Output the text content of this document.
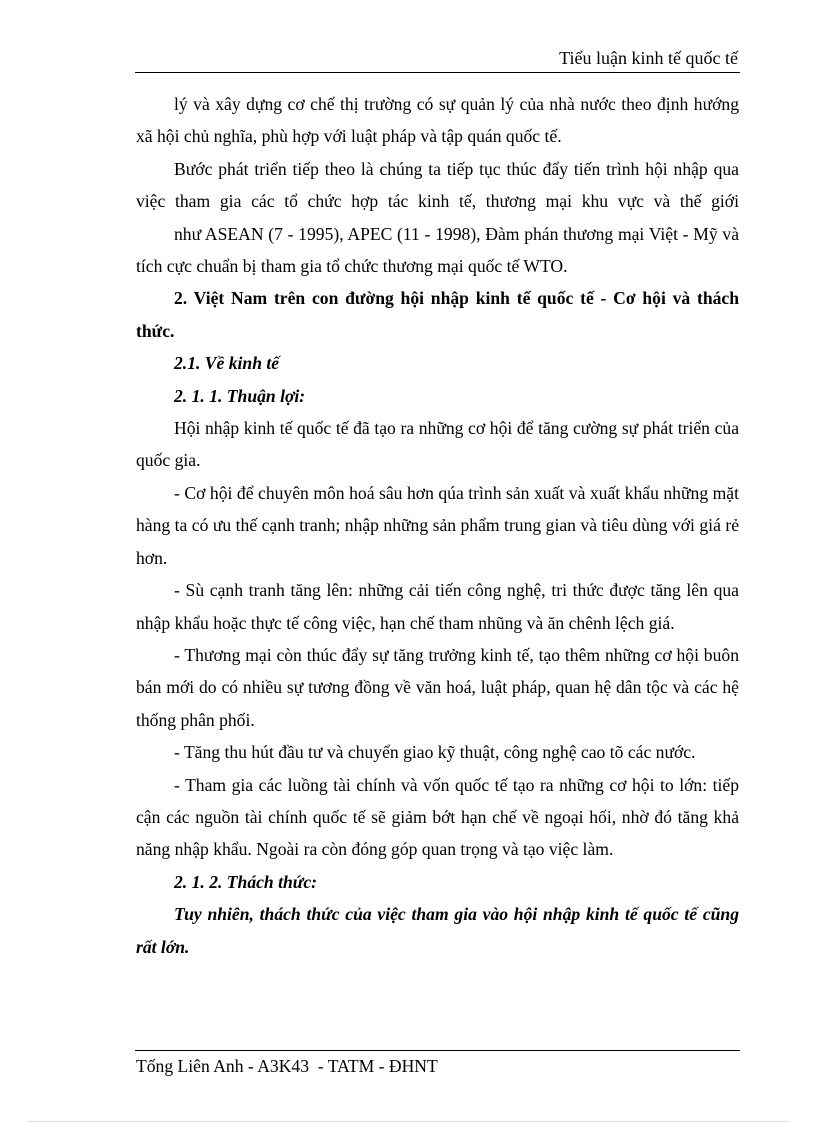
Tiểu luận kinh tế quốc tế

lý và xây dựng cơ chế thị trường có sự quản lý của nhà nước theo định hướng xã hội chủ nghĩa, phù hợp với luật pháp và tập quán quốc tế.

Bước phát triển tiếp theo là chúng ta tiếp tục thúc đẩy tiến trình hội nhập qua việc tham gia các tổ chức hợp tác kinh tế, thương mại khu vực và thế giới

như ASEAN (7 - 1995), APEC (11 - 1998), Đàm phán thương mại Việt - Mỹ và tích cực chuẩn bị tham gia tổ chức thương mại quốc tế WTO.

2. Việt Nam trên con đường hội nhập kinh tế quốc tế - Cơ hội và thách thức.

2.1. Về kinh tế

2. 1. 1. Thuận lợi:

Hội nhập kinh tế quốc tế đã tạo ra những cơ hội để tăng cường sự phát triển của quốc gia.

- Cơ hội để chuyên môn hoá sâu hơn qúa trình sản xuất và xuất khẩu những mặt hàng ta có ưu thế cạnh tranh; nhập những sản phẩm trung gian và tiêu dùng với giá rẻ hơn.

- Sù cạnh tranh tăng lên: những cải tiến công nghệ, tri thức được tăng lên qua nhập khẩu hoặc thực tế công việc, hạn chế tham nhũng và ăn chênh lệch giá.

- Thương mại còn thúc đẩy sự tăng trưởng kinh tế, tạo thêm những cơ hội buôn bán mới do có nhiều sự tương đồng về văn hoá, luật pháp, quan hệ dân tộc và các hệ thống phân phối.

- Tăng thu hút đầu tư và chuyển giao kỹ thuật, công nghệ cao tõ các nước.

- Tham gia các luồng tài chính và vốn quốc tế tạo ra những cơ hội to lớn: tiếp cận các nguồn tài chính quốc tế sẽ giảm bớt hạn chế về ngoại hối, nhờ đó tăng khả năng nhập khẩu. Ngoài ra còn đóng góp quan trọng và tạo việc làm.

2. 1. 2. Thách thức:

Tuy nhiên, thách thức của việc tham gia vào hội nhập kinh tế quốc tế cũng rất lớn.

Tống Liên Anh - A3K43  - TATM - ĐHNT
